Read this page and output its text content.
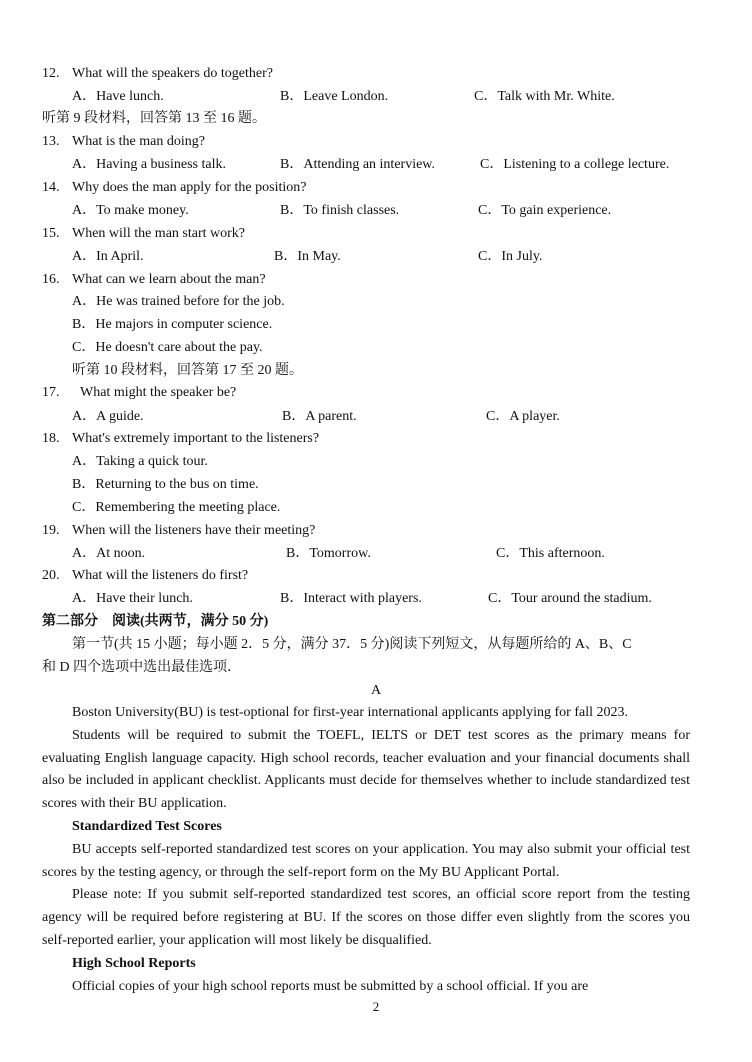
12. What will the speakers do together?
A．Have lunch.	B．Leave London.	C．Talk with Mr. White.
听第 9 段材料，回答第 13 至 16 题。
13. What is the man doing?
A．Having a business talk.	B．Attending an interview.	C．Listening to a college lecture.
14. Why does the man apply for the position?
A．To make money.	B．To finish classes.	C．To gain experience.
15. When will the man start work?
A．In April.	B．In May.	C．In July.
16. What can we learn about the man?
A．He was trained before for the job.
B．He majors in computer science.
C．He doesn't care about the pay.
听第 10 段材料，回答第 17 至 20 题。
17. What might the speaker be?
A．A guide.	B．A parent.	C．A player.
18. What's extremely important to the listeners?
A．Taking a quick tour.
B．Returning to the bus on time.
C．Remembering the meeting place.
19. When will the listeners have their meeting?
A．At noon.	B．Tomorrow.	C．This afternoon.
20. What will the listeners do first?
A．Have their lunch.	B．Interact with players.	C．Tour around the stadium.
第二部分　阅读(共两节，满分 50 分)
第一节(共 15 小题；每小题 2．5 分，满分 37．5 分)阅读下列短文，从每题所给的 A、B、C
和 D 四个选项中选出最佳选项．
A

Boston University(BU) is test-optional for first-year international applicants applying for fall 2023.

Students will be required to submit the TOEFL, IELTS or DET test scores as the primary means for evaluating English language capacity. High school records, teacher evaluation and your financial documents shall also be included in applicant checklist. Applicants must decide for themselves whether to include standardized test scores with their BU application.

Standardized Test Scores

BU accepts self-reported standardized test scores on your application. You may also submit your official test scores by the testing agency, or through the self-report form on the My BU Applicant Portal.

Please note: If you submit self-reported standardized test scores, an official score report from the testing agency will be required before registering at BU. If the scores on those differ even slightly from the scores you self-reported earlier, your application will most likely be disqualified.

High School Reports

Official copies of your high school reports must be submitted by a school official. If you are

2
